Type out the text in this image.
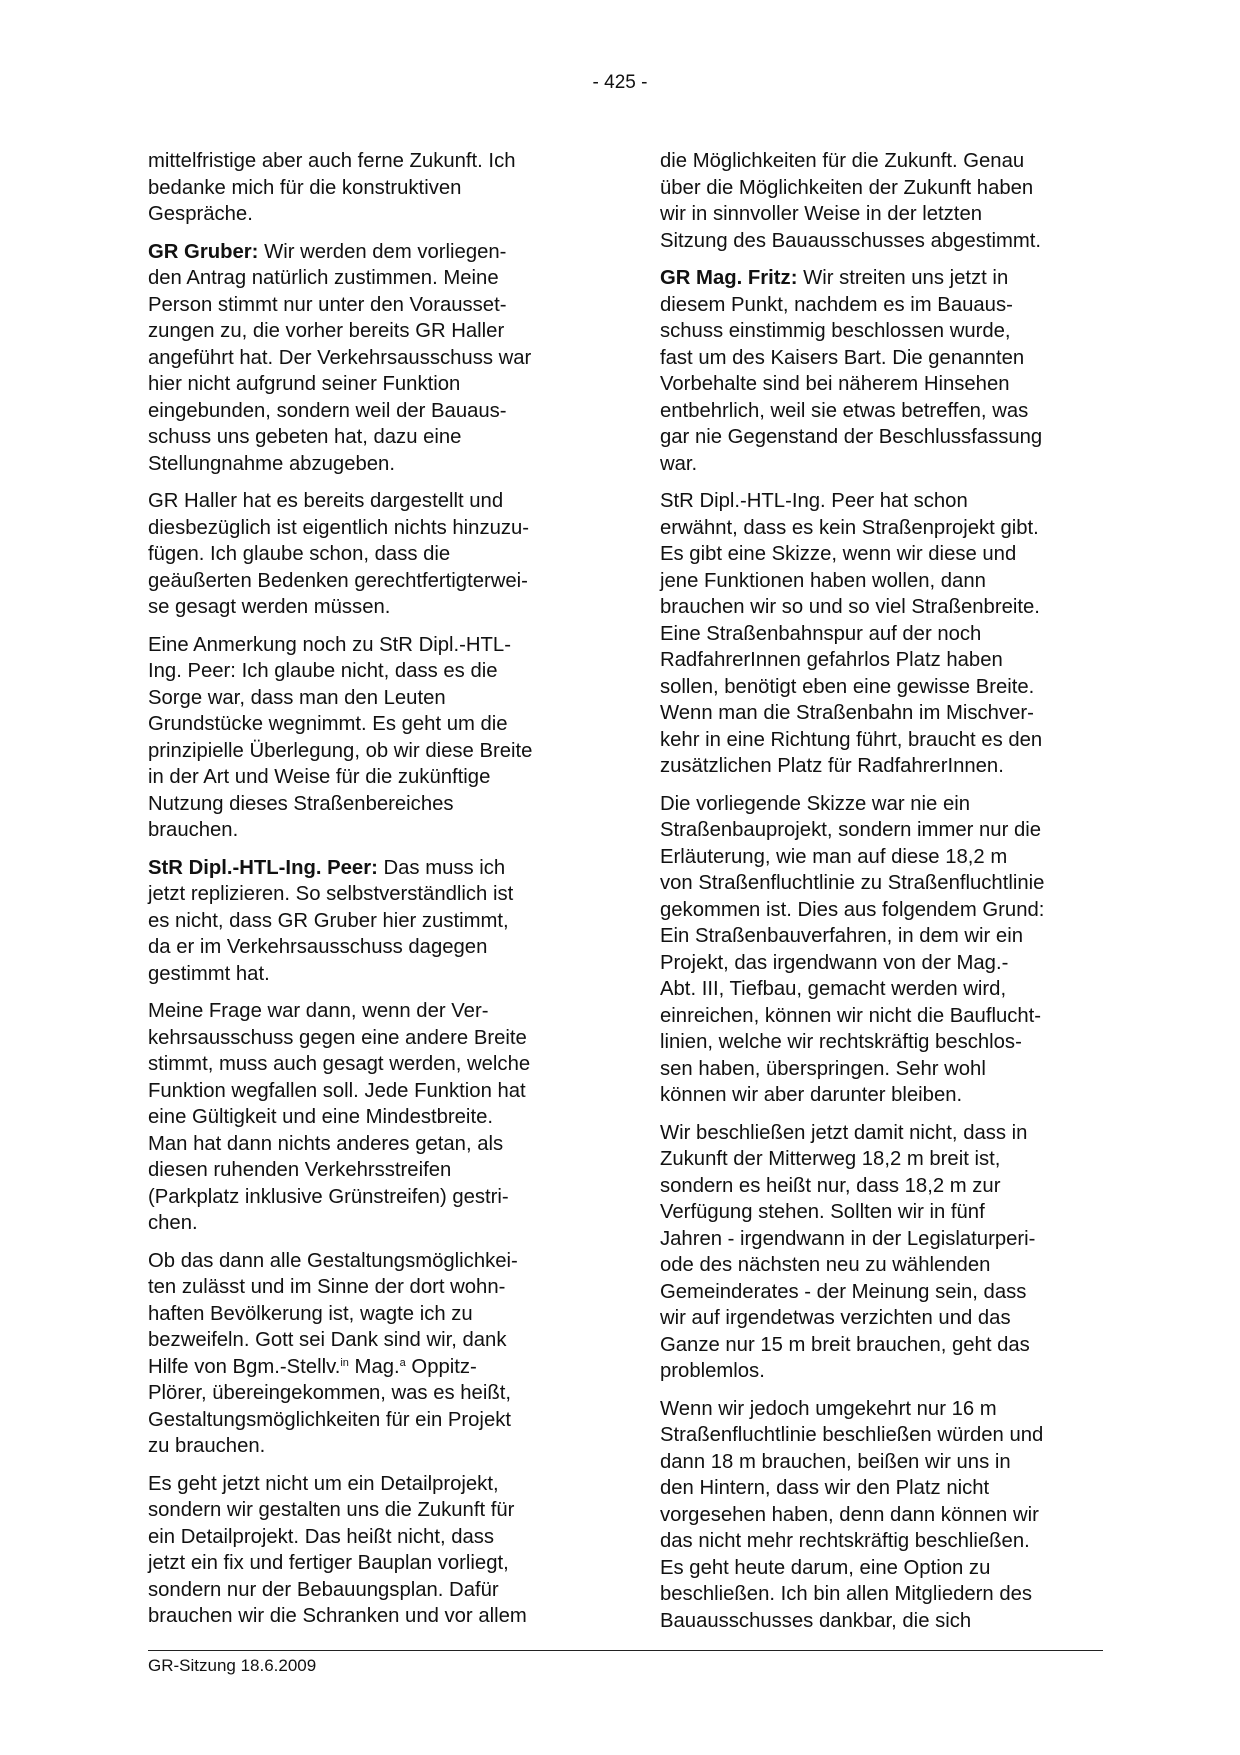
- 425 -

mittelfristige aber auch ferne Zukunft. Ich
bedanke mich für die konstruktiven
Gespräche.

GR Gruber: Wir werden dem vorliegen-
den Antrag natürlich zustimmen. Meine
Person stimmt nur unter den Vorausset-
zungen zu, die vorher bereits GR Haller
angeführt hat. Der Verkehrsausschuss war
hier nicht aufgrund seiner Funktion
eingebunden, sondern weil der Bauaus-
schuss uns gebeten hat, dazu eine
Stellungnahme abzugeben.

GR Haller hat es bereits dargestellt und
diesbezüglich ist eigentlich nichts hinzuzu-
fügen. Ich glaube schon, dass die
geäußerten Bedenken gerechtfertigterwei-
se gesagt werden müssen.

Eine Anmerkung noch zu StR Dipl.-HTL-
Ing. Peer: Ich glaube nicht, dass es die
Sorge war, dass man den Leuten
Grundstücke wegnimmt. Es geht um die
prinzipielle Überlegung, ob wir diese Breite
in der Art und Weise für die zukünftige
Nutzung dieses Straßenbereiches
brauchen.

StR Dipl.-HTL-Ing. Peer: Das muss ich
jetzt replizieren. So selbstverständlich ist
es nicht, dass GR Gruber hier zustimmt,
da er im Verkehrsausschuss dagegen
gestimmt hat.

Meine Frage war dann, wenn der Ver-
kehrsausschuss gegen eine andere Breite
stimmt, muss auch gesagt werden, welche
Funktion wegfallen soll. Jede Funktion hat
eine Gültigkeit und eine Mindestbreite.
Man hat dann nichts anderes getan, als
diesen ruhenden Verkehrsstreifen
(Parkplatz inklusive Grünstreifen) gestri-
chen.

Ob das dann alle Gestaltungsmöglichkei-
ten zulässt und im Sinne der dort wohn-
haften Bevölkerung ist, wagte ich zu
bezweifeln. Gott sei Dank sind wir, dank
Hilfe von Bgm.-Stellv.$^{in}$ Mag.$^a$ Oppitz-
Plörer, übereingekommen, was es heißt,
Gestaltungsmöglichkeiten für ein Projekt
zu brauchen.

Es geht jetzt nicht um ein Detailprojekt,
sondern wir gestalten uns die Zukunft für
ein Detailprojekt. Das heißt nicht, dass
jetzt ein fix und fertiger Bauplan vorliegt,
sondern nur der Bebauungsplan. Dafür
brauchen wir die Schranken und vor allem

die Möglichkeiten für die Zukunft. Genau
über die Möglichkeiten der Zukunft haben
wir in sinnvoller Weise in der letzten
Sitzung des Bauausschusses abgestimmt.

GR Mag. Fritz: Wir streiten uns jetzt in
diesem Punkt, nachdem es im Bauaus-
schuss einstimmig beschlossen wurde,
fast um des Kaisers Bart. Die genannten
Vorbehalte sind bei näherem Hinsehen
entbehrlich, weil sie etwas betreffen, was
gar nie Gegenstand der Beschlussfassung
war.

StR Dipl.-HTL-Ing. Peer hat schon
erwähnt, dass es kein Straßenprojekt gibt.
Es gibt eine Skizze, wenn wir diese und
jene Funktionen haben wollen, dann
brauchen wir so und so viel Straßenbreite.
Eine Straßenbahnspur auf der noch
RadfahrerInnen gefahrlos Platz haben
sollen, benötigt eben eine gewisse Breite.
Wenn man die Straßenbahn im Mischver-
kehr in eine Richtung führt, braucht es den
zusätzlichen Platz für RadfahrerInnen.

Die vorliegende Skizze war nie ein
Straßenbauprojekt, sondern immer nur die
Erläuterung, wie man auf diese 18,2 m
von Straßenfluchtlinie zu Straßenfluchtlinie
gekommen ist. Dies aus folgendem Grund:
Ein Straßenbauverfahren, in dem wir ein
Projekt, das irgendwann von der Mag.-
Abt. III, Tiefbau, gemacht werden wird,
einreichen, können wir nicht die Bauflucht-
linien, welche wir rechtskräftig beschlos-
sen haben, überspringen. Sehr wohl
können wir aber darunter bleiben.

Wir beschließen jetzt damit nicht, dass in
Zukunft der Mitterweg 18,2 m breit ist,
sondern es heißt nur, dass 18,2 m zur
Verfügung stehen. Sollten wir in fünf
Jahren - irgendwann in der Legislaturperi-
ode des nächsten neu zu wählenden
Gemeinderates - der Meinung sein, dass
wir auf irgendetwas verzichten und das
Ganze nur 15 m breit brauchen, geht das
problemlos.

Wenn wir jedoch umgekehrt nur 16 m
Straßenfluchtlinie beschließen würden und
dann 18 m brauchen, beißen wir uns in
den Hintern, dass wir den Platz nicht
vorgesehen haben, denn dann können wir
das nicht mehr rechtskräftig beschließen.
Es geht heute darum, eine Option zu
beschließen. Ich bin allen Mitgliedern des
Bauausschusses dankbar, die sich

GR-Sitzung 18.6.2009
